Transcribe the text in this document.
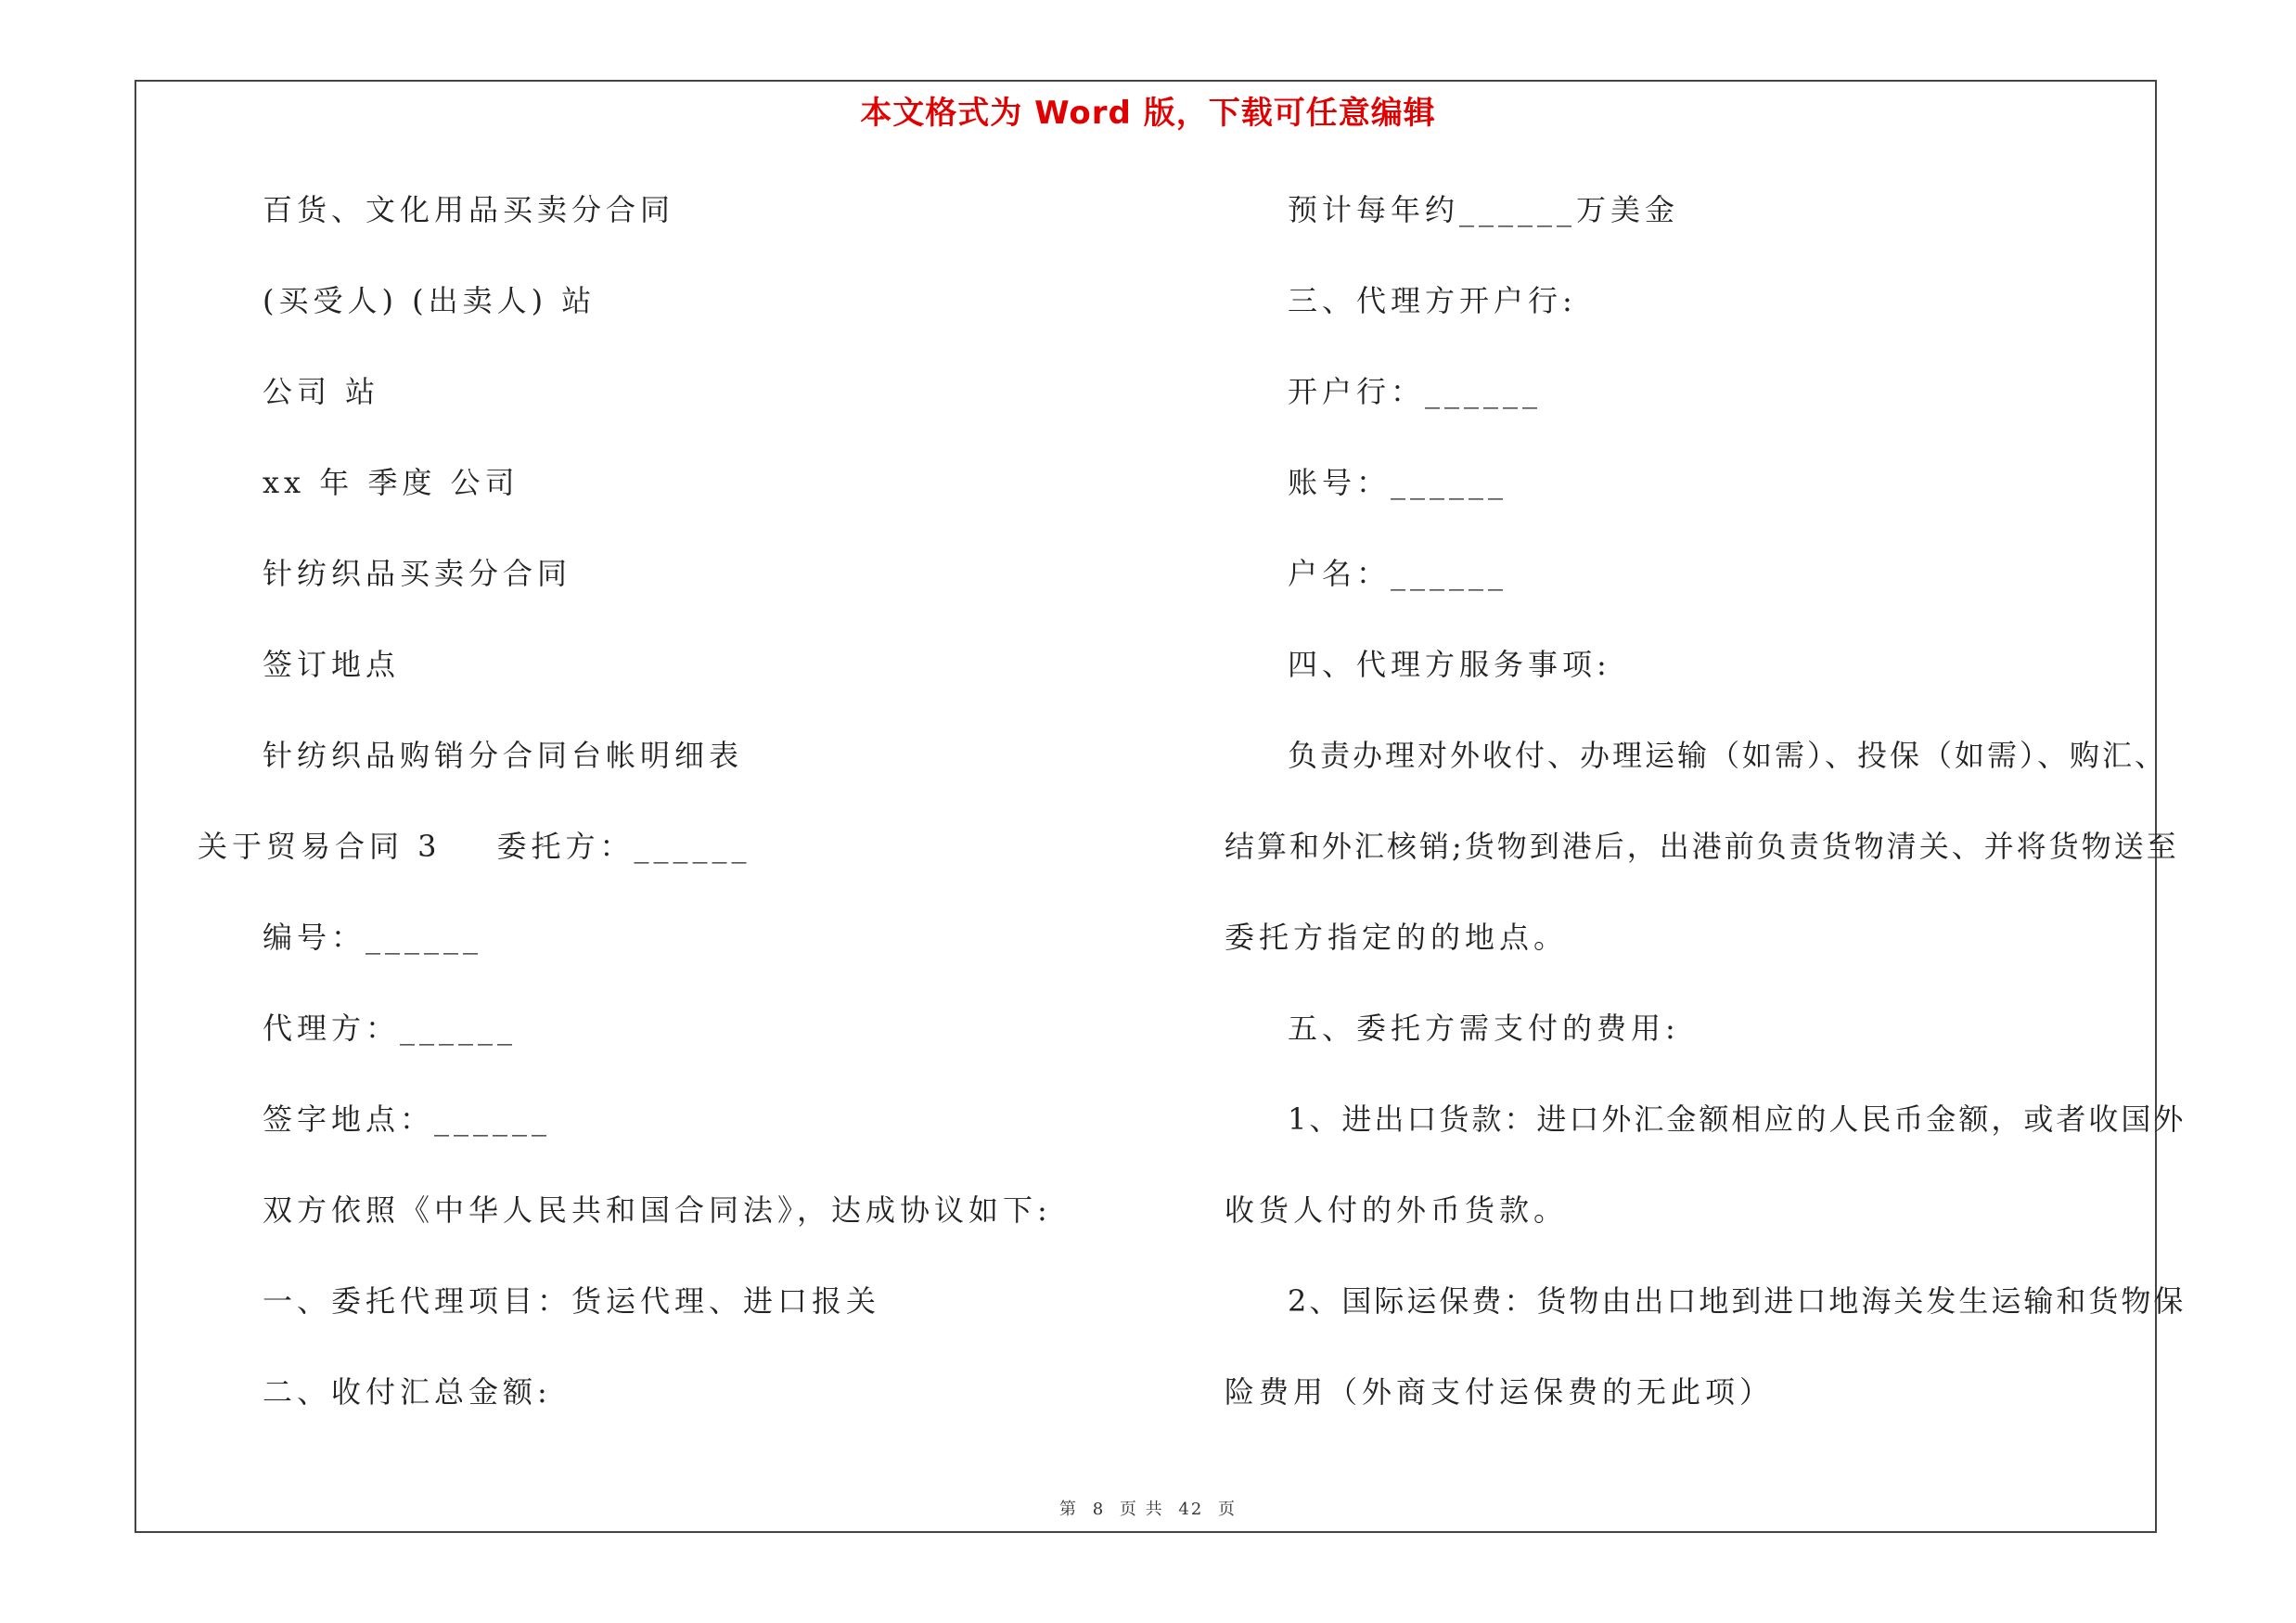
本文格式为 Word 版，下载可任意编辑
百货、文化用品买卖分合同
(买受人) (出卖人) 站
公司 站
xx 年 季度 公司
针纺织品买卖分合同
签订地点
针纺织品购销分合同台帐明细表
关于贸易合同 3 委托方：______
编号：______
代理方：______
签字地点：______
双方依照《中华人民共和国合同法》，达成协议如下:
一、委托代理项目：货运代理、进口报关
二、收付汇总金额:
预计每年约______万美金
三、代理方开户行:
开户行：______
账号：______
户名：______
四、代理方服务事项:
负责办理对外收付、办理运输（如需）、投保（如需）、购汇、
结算和外汇核销;货物到港后，出港前负责货物清关、并将货物送至
委托方指定的的地点。
五、委托方需支付的费用:
1、进出口货款：进口外汇金额相应的人民币金额，或者收国外
收货人付的外币货款。
2、国际运保费：货物由出口地到进口地海关发生运输和货物保
险费用（外商支付运保费的无此项）
第 8 页 共 42 页
